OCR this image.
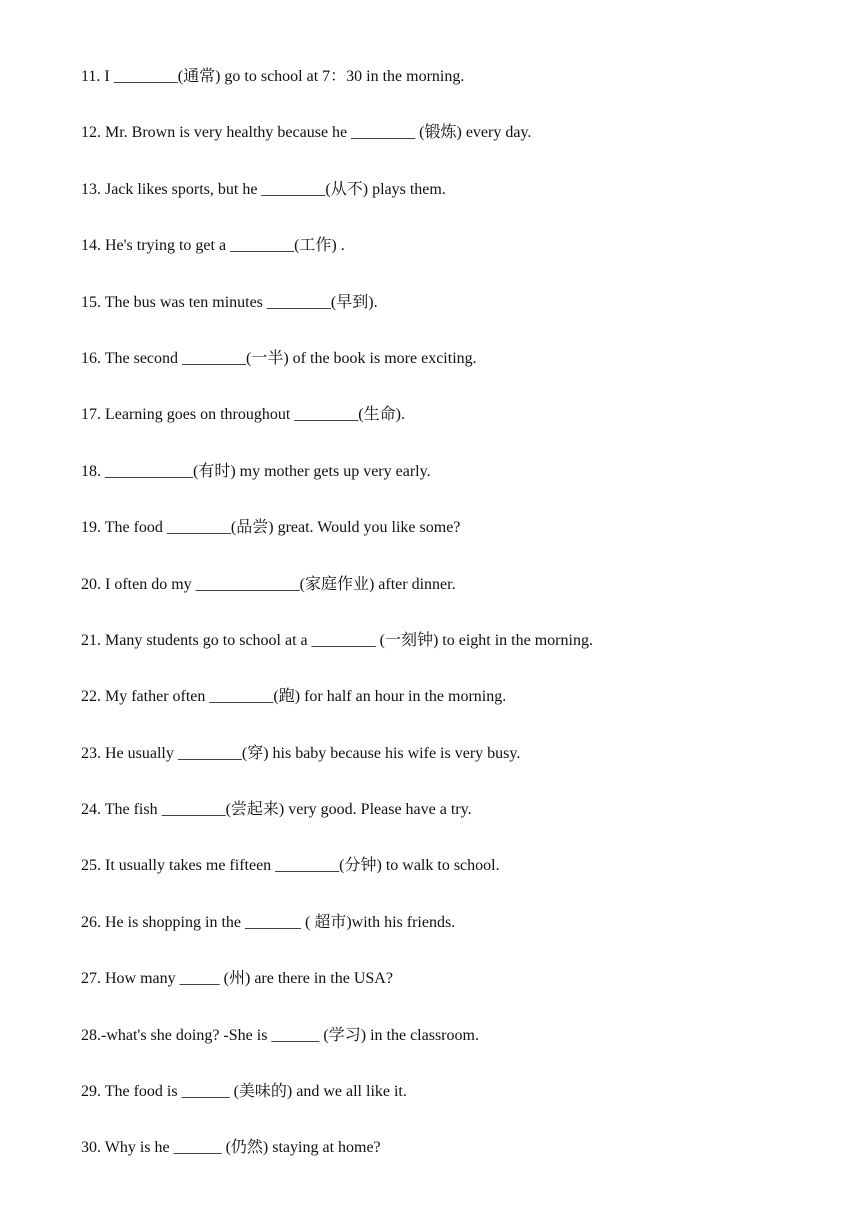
11. I ________(通常) go to school at 7：30 in the morning.
12. Mr. Brown is very healthy because he ________ (锻炼) every day.
13. Jack likes sports, but he ________(从不) plays them.
14. He's trying to get a ________(工作) .
15. The bus was ten minutes ________(早到).
16. The second ________(一半) of the book is more exciting.
17. Learning goes on throughout ________(生命).
18. ___________(有时) my mother gets up very early.
19. The food ________(品尝) great. Would you like some?
20. I often do my _____________(家庭作业) after dinner.
21. Many students go to school at a ________ (一刻钟) to eight in the morning.
22. My father often ________(跑) for half an hour in the morning.
23. He usually ________(穿) his baby because his wife is very busy.
24. The fish ________(尝起来) very good. Please have a try.
25. It usually takes me fifteen ________(分钟) to walk to school.
26. He is shopping in the _______ ( 超市)with his friends.
27. How many _____ (州) are there in the USA?
28.-what's she doing? -She is ______ (学习) in the classroom.
29. The food is ______ (美味的) and we all like it.
30. Why is he ______ (仍然) staying at home?
